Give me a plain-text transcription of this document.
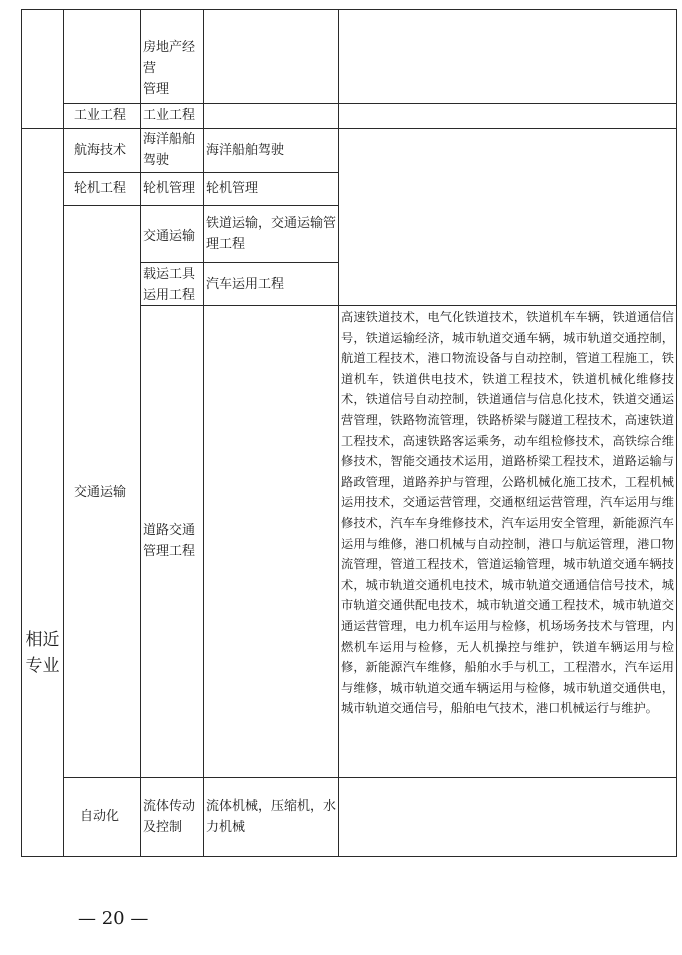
相近
专业
房地产经营
管理
工业工程	工业工程
航海技术
海洋船舶
驾驶
海洋船舶驾驶
轮机工程	轮机管理 轮机管理
交通运输
铁道运输，交通运输管
理工程
载运工具
运用工程
汽车运用工程
交通运输
道路交通
管理工程
高速铁道技术，电气化铁道技术，铁道机车车辆，铁道通信信号，铁道运输经济，城市轨道交通车辆，城市轨道交通控制，航道工程技术，港口物流设备与自动控制，管道工程施工，铁道机车，铁道供电技术，铁道工程技术，铁道机械化维修技术，铁道信号自动控制，铁道通信与信息化技术，铁道交通运营管理，铁路物流管理，铁路桥梁与隧道工程技术，高速铁道工程技术，高速铁路客运乘务，动车组检修技术，高铁综合维修技术，智能交通技术运用，道路桥梁工程技术，道路运输与路政管理，道路养护与管理，公路机械化施工技术，工程机械运用技术，交通运营管理，交通枢纽运营管理，汽车运用与维修技术，汽车车身维修技术，汽车运用安全管理，新能源汽车运用与维修，港口机械与自动控制，港口与航运管理，港口物流管理，管道工程技术，管道运输管理，城市轨道交通车辆技术，城市轨道交通机电技术，城市轨道交通通信信号技术，城市轨道交通供配电技术，城市轨道交通工程技术，城市轨道交通运营管理，电力机车运用与检修，机场场务技术与管理，内燃机车运用与检修，无人机操控与维护，铁道车辆运用与检修，新能源汽车维修，船舶水手与机工，工程潜水，汽车运用与维修，城市轨道交通车辆运用与检修，城市轨道交通供电，城市轨道交通信号，船舶电气技术，港口机械运行与维护。
自动化
流体传动
及控制
流体机械，压缩机，水
力机械
— 20 —
